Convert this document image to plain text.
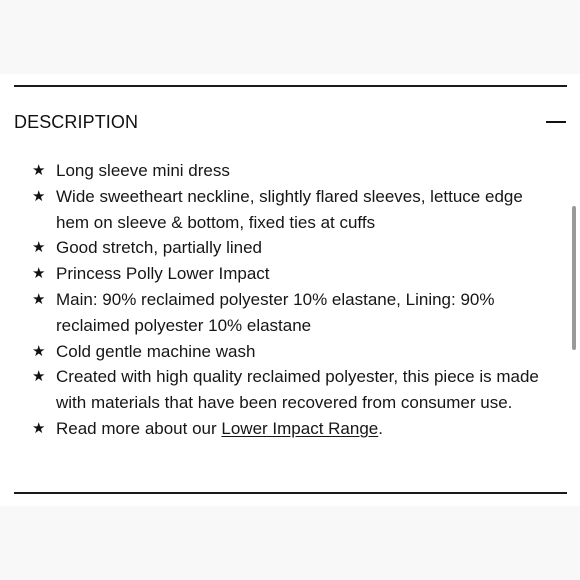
DESCRIPTION
★ Long sleeve mini dress
★ Wide sweetheart neckline, slightly flared sleeves, lettuce edge hem on sleeve & bottom, fixed ties at cuffs
★ Good stretch, partially lined
★ Princess Polly Lower Impact
★ Main: 90% reclaimed polyester 10% elastane, Lining: 90% reclaimed polyester 10% elastane
★ Cold gentle machine wash
★ Created with high quality reclaimed polyester, this piece is made with materials that have been recovered from consumer use.
★ Read more about our Lower Impact Range.
